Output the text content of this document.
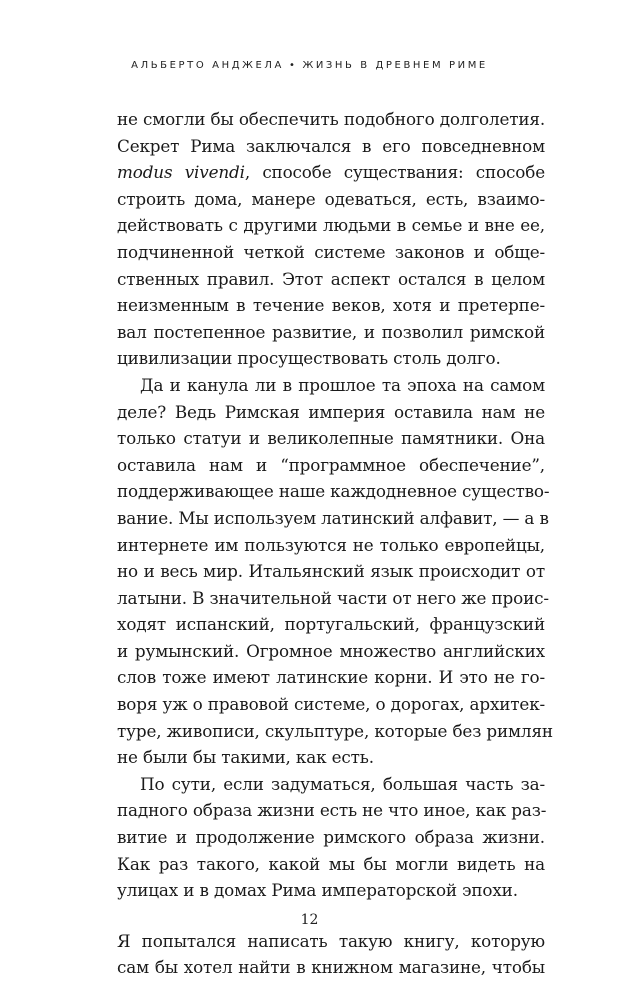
АЛЬБЕРТО АНДЖЕЛА • ЖИЗНЬ В ДРЕВНЕМ РИМЕ
не смогли бы обеспечить подобного долголетия.
Секрет Рима заключался в его повседневном
modus vivendi, способе существания: способе
строить дома, манере одеваться, есть, взаимо-
действовать с другими людьми в семье и вне ее,
подчиненной четкой системе законов и обще-
ственных правил. Этот аспект остался в целом
неизменным в течение веков, хотя и претерпе-
вал постепенное развитие, и позволил римской
цивилизации просуществовать столь долго.
Да и канула ли в прошлое та эпоха на самом
деле? Ведь Римская империя оставила нам не
только статуи и великолепные памятники. Она
оставила нам и “программное обеспечение”,
поддерживающее наше каждодневное существо-
вание. Мы используем латинский алфавит, — а в
интернете им пользуются не только европейцы,
но и весь мир. Итальянский язык происходит от
латыни. В значительной части от него же проис-
ходят испанский, португальский, французский
и румынский. Огромное множество английских
слов тоже имеют латинские корни. И это не го-
воря уж о правовой системе, о дорогах, архитек-
туре, живописи, скульптуре, которые без римлян
не были бы такими, как есть.
По сути, если задуматься, большая часть за-
падного образа жизни есть не что иное, как раз-
витие и продолжение римского образа жизни.
Как раз такого, какой мы бы могли видеть на
улицах и в домах Рима императорской эпохи.
Я попытался написать такую книгу, которую
сам бы хотел найти в книжном магазине, чтобы
12
